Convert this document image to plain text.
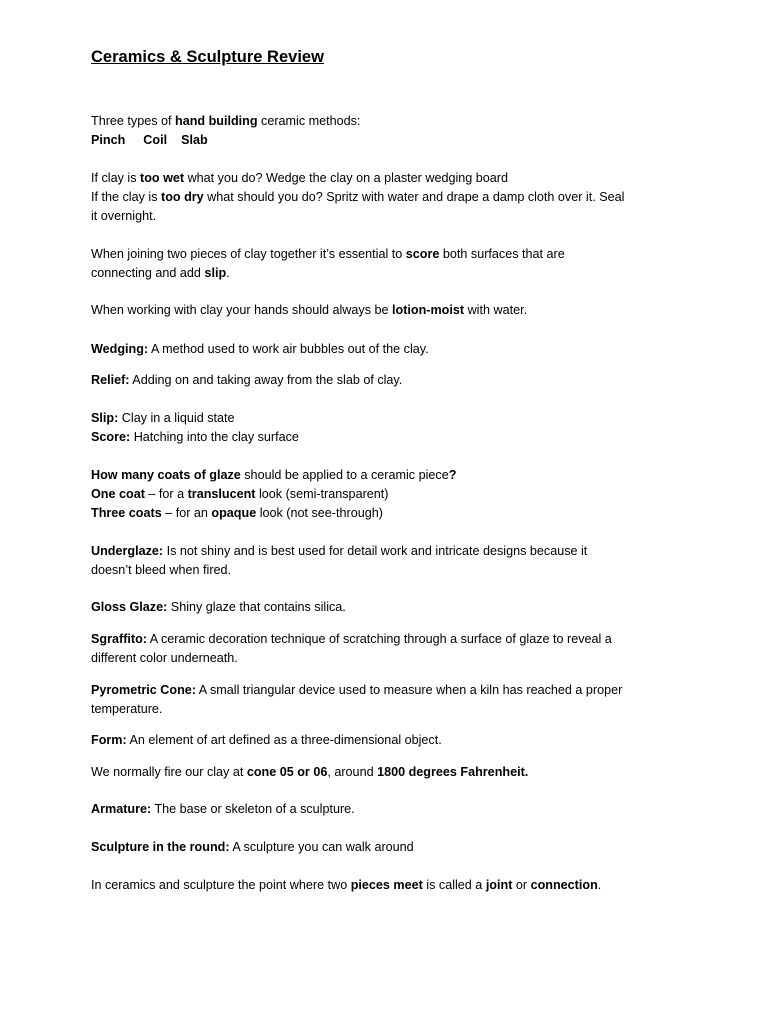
Ceramics & Sculpture Review
Three types of hand building ceramic methods:
Pinch Coil Slab
If clay is too wet what you do? Wedge the clay on a plaster wedging board
If the clay is too dry what should you do? Spritz with water and drape a damp cloth over it. Seal
it overnight.
When joining two pieces of clay together it’s essential to score both surfaces that are
connecting and add slip.
When working with clay your hands should always be lotion-moist with water.
Wedging: A method used to work air bubbles out of the clay.
Relief: Adding on and taking away from the slab of clay.
Slip: Clay in a liquid state
Score: Hatching into the clay surface
How many coats of glaze should be applied to a ceramic piece?
One coat – for a translucent look (semi-transparent)
Three coats – for an opaque look (not see-through)
Underglaze: Is not shiny and is best used for detail work and intricate designs because it
doesn’t bleed when fired.
Gloss Glaze: Shiny glaze that contains silica.
Sgraffito: A ceramic decoration technique of scratching through a surface of glaze to reveal a
different color underneath.
Pyrometric Cone: A small triangular device used to measure when a kiln has reached a proper
temperature.
Form: An element of art defined as a three-dimensional object.
We normally fire our clay at cone 05 or 06, around 1800 degrees Fahrenheit.
Armature: The base or skeleton of a sculpture.
Sculpture in the round: A sculpture you can walk around
In ceramics and sculpture the point where two pieces meet is called a joint or connection.
